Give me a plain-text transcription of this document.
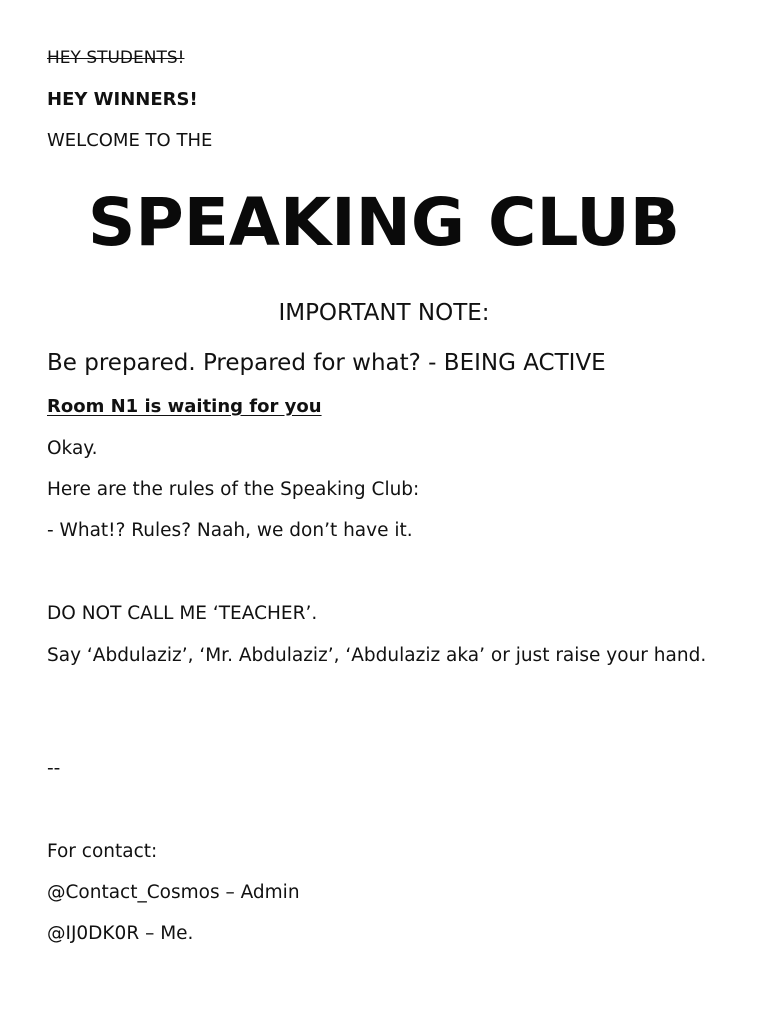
HEY STUDENTS!

HEY WINNERS!

WELCOME TO THE

SPEAKING CLUB

IMPORTANT NOTE:

Be prepared. Prepared for what? - BEING ACTIVE

Room N1 is waiting for you

Okay.

Here are the rules of the Speaking Club:

- What!? Rules? Naah, we don’t have it.

DO NOT CALL ME ‘TEACHER’.

Say ‘Abdulaziz’, ‘Mr. Abdulaziz’, ‘Abdulaziz aka’ or just raise your hand.

--

For contact:

@Contact_Cosmos – Admin

@IJ0DK0R – Me.
